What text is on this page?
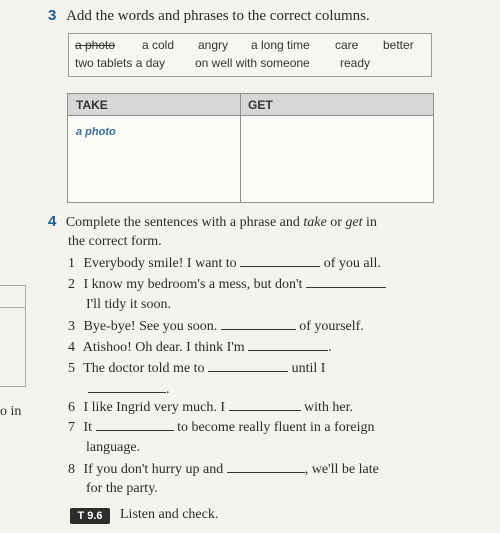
3 Add the words and phrases to the correct columns.
a photo a cold angry a long time care better
two tablets a day on well with someone	ready
TAKE	GET
a photo
o in
4 Complete the sentences with a phrase and take or get in
the correct form.
1 Everybody smile! I want to	of you all.
2 I know my bedroom's a mess, but don't
I'll tidy it soon.
3 Bye-bye! See you soon.	of yourself.
4 Atishoo! Oh dear. I think I'm	.
5 The doctor told me to	until I
.
6 I like Ingrid very much. I	with her.
7 It	to become really fluent in a foreign
language.
8 If you don't hurry up and	, we'll be late
for the party.
T 9.6	Listen and check.
